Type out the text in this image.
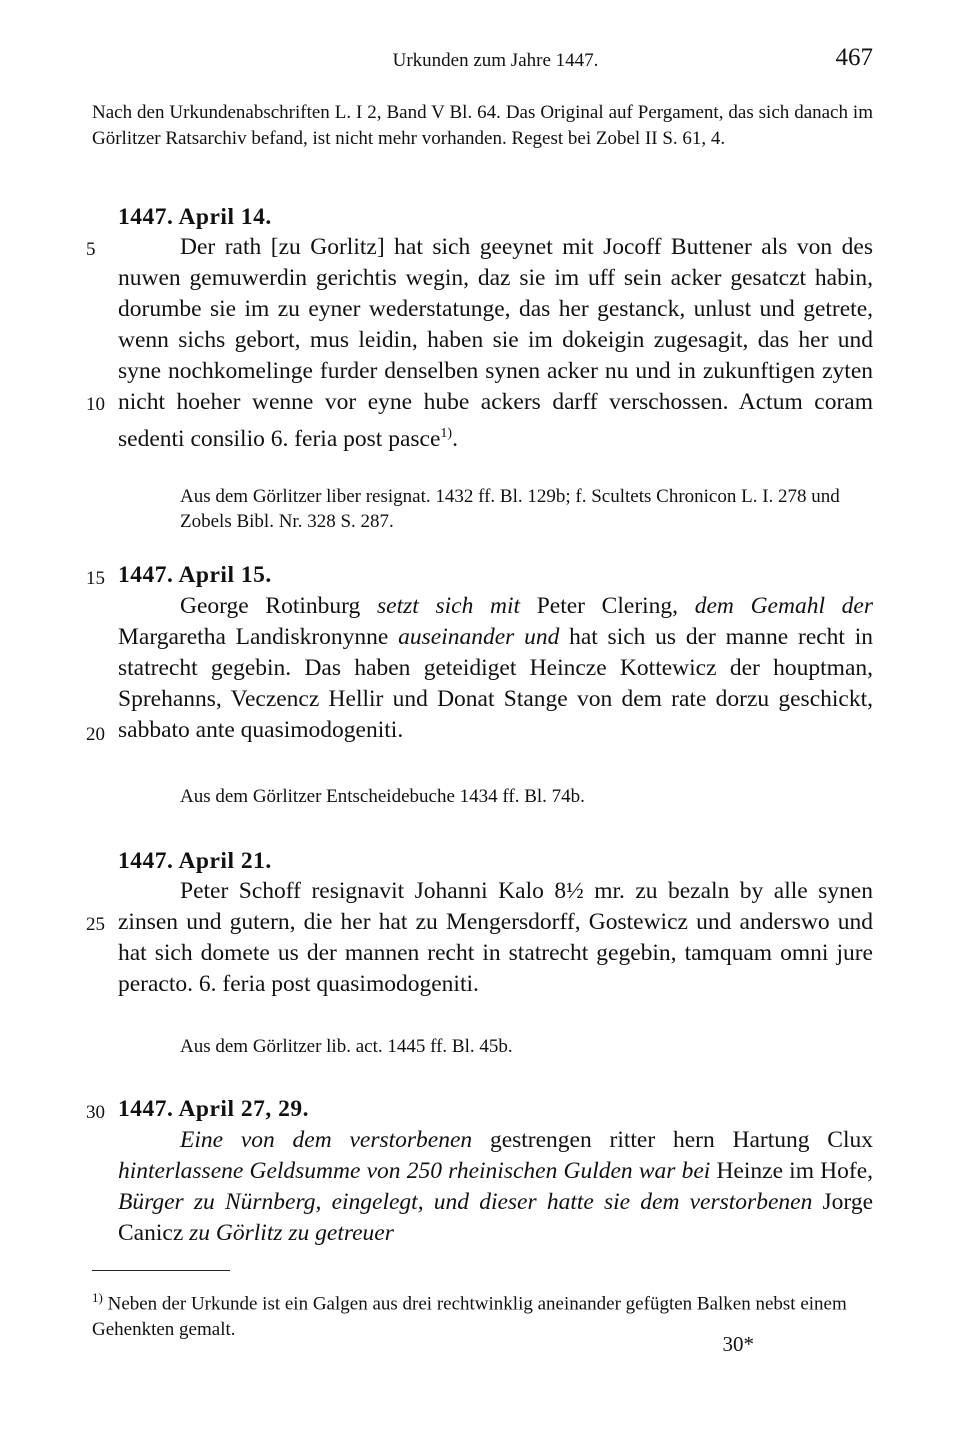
Urkunden zum Jahre 1447.	467
Nach den Urkundenabschriften L. I 2, Band V Bl. 64. Das Original auf Pergament, das sich danach im Görlitzer Ratsarchiv befand, ist nicht mehr vorhanden. Regest bei Zobel II S. 61, 4.
1447. April 14.
5	Der rath [zu Gorlitz] hat sich geeynet mit Jocoff Buttener als von des nuwen gemuwerdin gerichtis wegin, daz sie im uff sein acker gesatczt habin, dorumbe sie im zu eyner wederstatunge, das her gestanck, unlust und getrete, wenn sichs gebort, mus leidin, haben sie im dokeigin zugesagit, das her und syne nochkomelinge furder denselben synen acker nu und in zukunftigen zyten nicht hoeher wenne vor eyne hube ackers darff verschossen. Actum coram sedenti consilio 6. feria post pasce$^{1)}$.

10
Aus dem Görlitzer liber resignat. 1432 ff. Bl. 129b; f. Scultets Chronicon L. I. 278 und Zobels Bibl. Nr. 328 S. 287.
15 1447. April 15.

George Rotinburg setzt sich mit Peter Clering, dem Gemahl der Margaretha Landiskronynne auseinander und hat sich us der manne recht in statrecht gegebin. Das haben geteidiget Heincze Kottewicz der houptman, Sprehanns, Veczencz Hellir und Donat Stange von dem rate dorzu geschickt, sabbato ante quasimodogeniti.

20
Aus dem Görlitzer Entscheidebuche 1434 ff. Bl. 74b.
1447. April 21.

Peter Schoff resignavit Johanni Kalo 8½ mr. zu bezaln by alle synen zinsen und gutern, die her hat zu Mengersdorff, Gostewicz und anderswo und hat sich domete us der mannen recht in statrecht gegebin, tamquam omni jure peracto. 6. feria post quasimodogeniti.

25
Aus dem Görlitzer lib. act. 1445 ff. Bl. 45b.
30 1447. April 27, 29.

Eine von dem verstorbenen gestrengen ritter hern Hartung Clux hinterlassene Geldsumme von 250 rheinischen Gulden war bei Heinze im Hofe, Bürger zu Nürnberg, eingelegt, und dieser hatte sie dem verstorbenen Jorge Canicz zu Görlitz zu getreuer

$^{1)}$ Neben der Urkunde ist ein Galgen aus drei rechtwinklig aneinander gefügten Balken nebst einem Gehenkten gemalt.
30*
